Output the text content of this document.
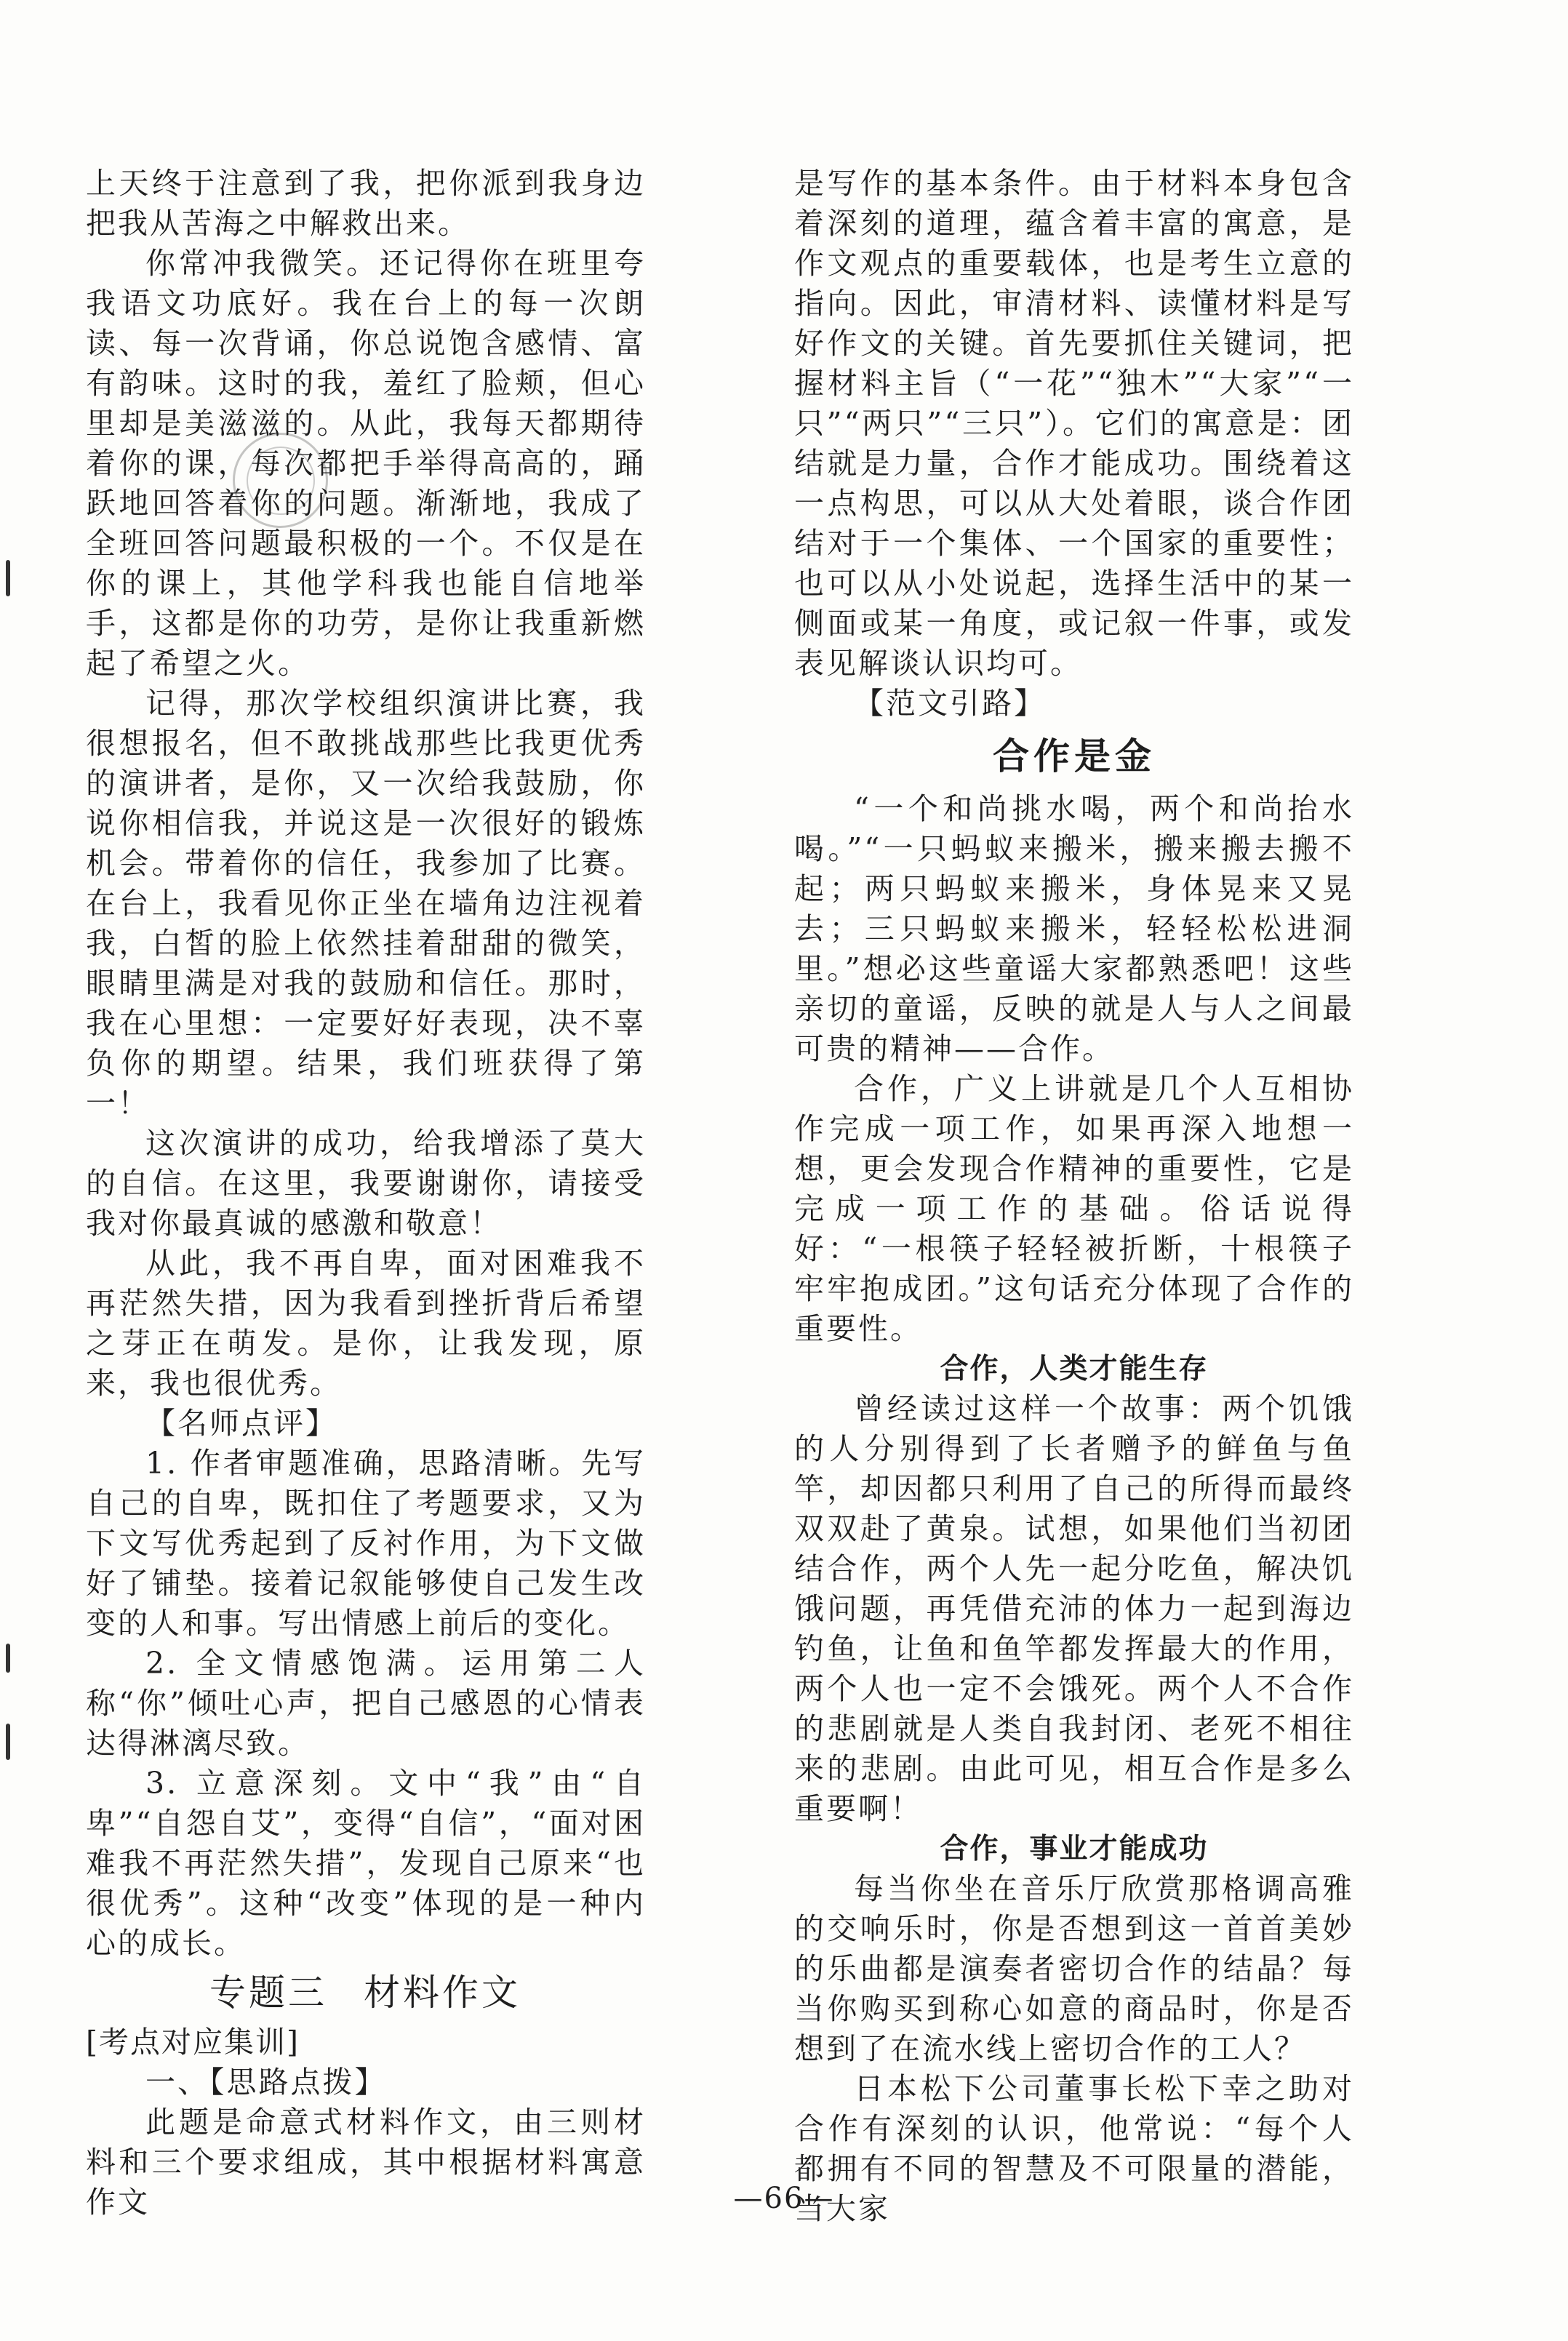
上天终于注意到了我，把你派到我身边把我从苦海之中解救出来。

你常冲我微笑。还记得你在班里夸我语文功底好。我在台上的每一次朗读、每一次背诵，你总说饱含感情、富有韵味。这时的我，羞红了脸颊，但心里却是美滋滋的。从此，我每天都期待着你的课，每次都把手举得高高的，踊跃地回答着你的问题。渐渐地，我成了全班回答问题最积极的一个。不仅是在你的课上，其他学科我也能自信地举手，这都是你的功劳，是你让我重新燃起了希望之火。

记得，那次学校组织演讲比赛，我很想报名，但不敢挑战那些比我更优秀的演讲者，是你，又一次给我鼓励，你说你相信我，并说这是一次很好的锻炼机会。带着你的信任，我参加了比赛。在台上，我看见你正坐在墙角边注视着我，白皙的脸上依然挂着甜甜的微笑，眼睛里满是对我的鼓励和信任。那时，我在心里想：一定要好好表现，决不辜负你的期望。结果，我们班获得了第一！

这次演讲的成功，给我增添了莫大的自信。在这里，我要谢谢你，请接受我对你最真诚的感激和敬意！

从此，我不再自卑，面对困难我不再茫然失措，因为我看到挫折背后希望之芽正在萌发。是你，让我发现，原来，我也很优秀。

【名师点评】

1. 作者审题准确，思路清晰。先写自己的自卑，既扣住了考题要求，又为下文写优秀起到了反衬作用，为下文做好了铺垫。接着记叙能够使自己发生改变的人和事。写出情感上前后的变化。

2. 全文情感饱满。运用第二人称“你”倾吐心声，把自己感恩的心情表达得淋漓尽致。

3. 立意深刻。文中“我”由“自卑”“自怨自艾”，变得“自信”，“面对困难我不再茫然失措”，发现自己原来“也很优秀”。这种“改变”体现的是一种内心的成长。

专题三 材料作文

[考点对应集训]

一、【思路点拨】

此题是命意式材料作文，由三则材料和三个要求组成，其中根据材料寓意作文

是写作的基本条件。由于材料本身包含着深刻的道理，蕴含着丰富的寓意，是作文观点的重要载体，也是考生立意的指向。因此，审清材料、读懂材料是写好作文的关键。首先要抓住关键词，把握材料主旨（“一花”“独木”“大家”“一只”“两只”“三只”）。它们的寓意是：团结就是力量，合作才能成功。围绕着这一点构思，可以从大处着眼，谈合作团结对于一个集体、一个国家的重要性；也可以从小处说起，选择生活中的某一侧面或某一角度，或记叙一件事，或发表见解谈认识均可。

【范文引路】

合作是金

“一个和尚挑水喝，两个和尚抬水喝。”“一只蚂蚁来搬米，搬来搬去搬不起；两只蚂蚁来搬米，身体晃来又晃去；三只蚂蚁来搬米，轻轻松松进洞里。”想必这些童谣大家都熟悉吧！这些亲切的童谣，反映的就是人与人之间最可贵的精神——合作。

合作，广义上讲就是几个人互相协作完成一项工作，如果再深入地想一想，更会发现合作精神的重要性，它是完成一项工作的基础。俗话说得好：“一根筷子轻轻被折断，十根筷子牢牢抱成团。”这句话充分体现了合作的重要性。

合作，人类才能生存

曾经读过这样一个故事：两个饥饿的人分别得到了长者赠予的鲜鱼与鱼竿，却因都只利用了自己的所得而最终双双赴了黄泉。试想，如果他们当初团结合作，两个人先一起分吃鱼，解决饥饿问题，再凭借充沛的体力一起到海边钓鱼，让鱼和鱼竿都发挥最大的作用，两个人也一定不会饿死。两个人不合作的悲剧就是人类自我封闭、老死不相往来的悲剧。由此可见，相互合作是多么重要啊！

合作，事业才能成功

每当你坐在音乐厅欣赏那格调高雅的交响乐时，你是否想到这一首首美妙的乐曲都是演奏者密切合作的结晶？每当你购买到称心如意的商品时，你是否想到了在流水线上密切合作的工人？

日本松下公司董事长松下幸之助对合作有深刻的认识，他常说：“每个人都拥有不同的智慧及不可限量的潜能，当大家

—66—
